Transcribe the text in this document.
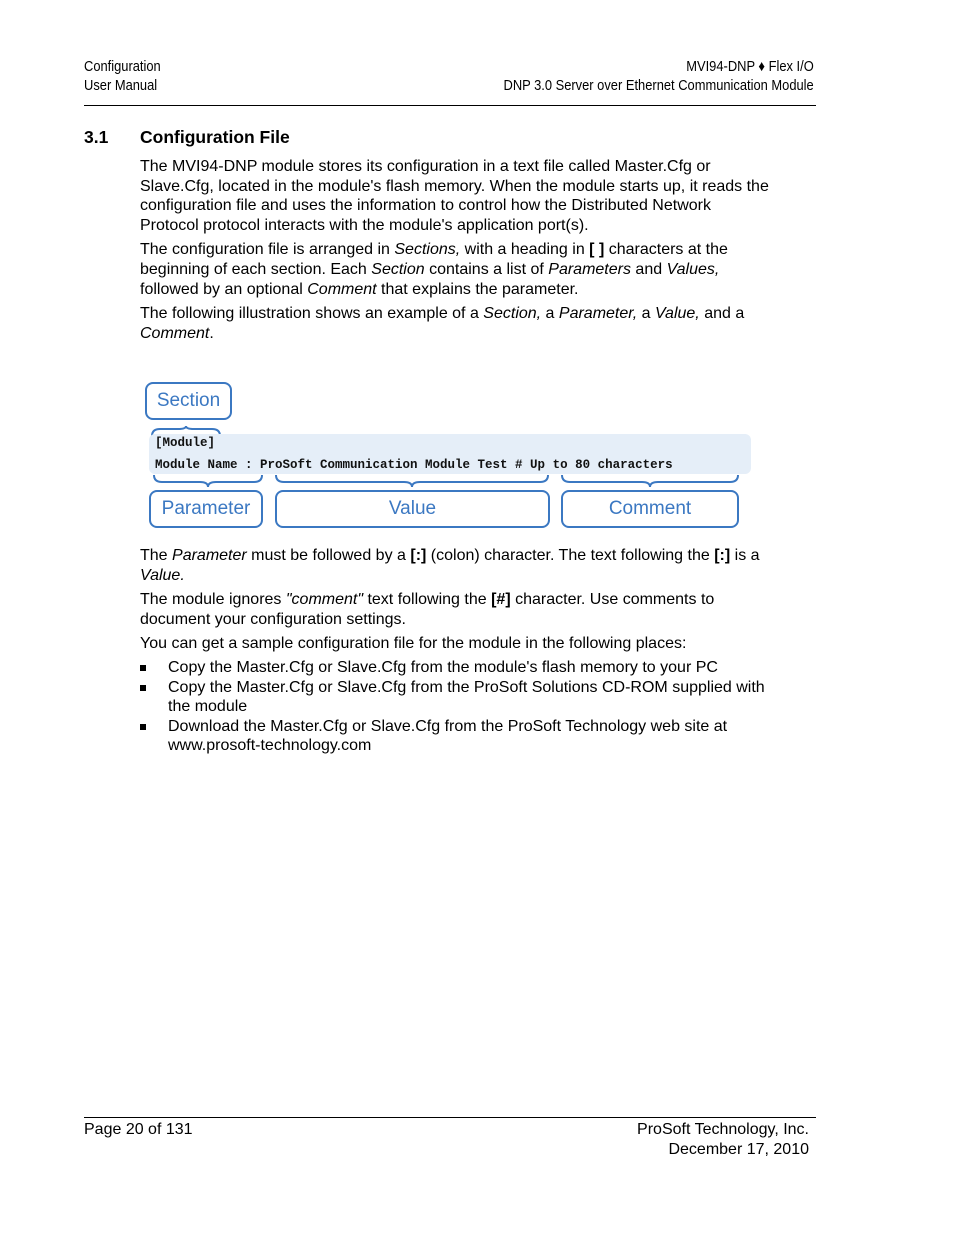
Configuration
User Manual
MVI94-DNP ♦ Flex I/O
DNP 3.0 Server over Ethernet Communication Module
3.1 Configuration File

The MVI94-DNP module stores its configuration in a text file called Master.Cfg or Slave.Cfg, located in the module's flash memory. When the module starts up, it reads the configuration file and uses the information to control how the Distributed Network Protocol protocol interacts with the module's application port(s).

The configuration file is arranged in Sections, with a heading in [ ] characters at the beginning of each section. Each Section contains a list of Parameters and Values, followed by an optional Comment that explains the parameter.

The following illustration shows an example of a Section, a Parameter, a Value, and a Comment.

Section
[Module]
Module Name : ProSoft Communication Module Test # Up to 80 characters
Parameter	Value	Comment

The Parameter must be followed by a [:] (colon) character. The text following the [:] is a Value.

The module ignores "comment" text following the [#] character. Use comments to document your configuration settings.

You can get a sample configuration file for the module in the following places:

Copy the Master.Cfg or Slave.Cfg from the module's flash memory to your PC
Copy the Master.Cfg or Slave.Cfg from the ProSoft Solutions CD-ROM supplied with the module
Download the Master.Cfg or Slave.Cfg from the ProSoft Technology web site at www.prosoft-technology.com
Page 20 of 131	ProSoft Technology, Inc.
December 17, 2010
